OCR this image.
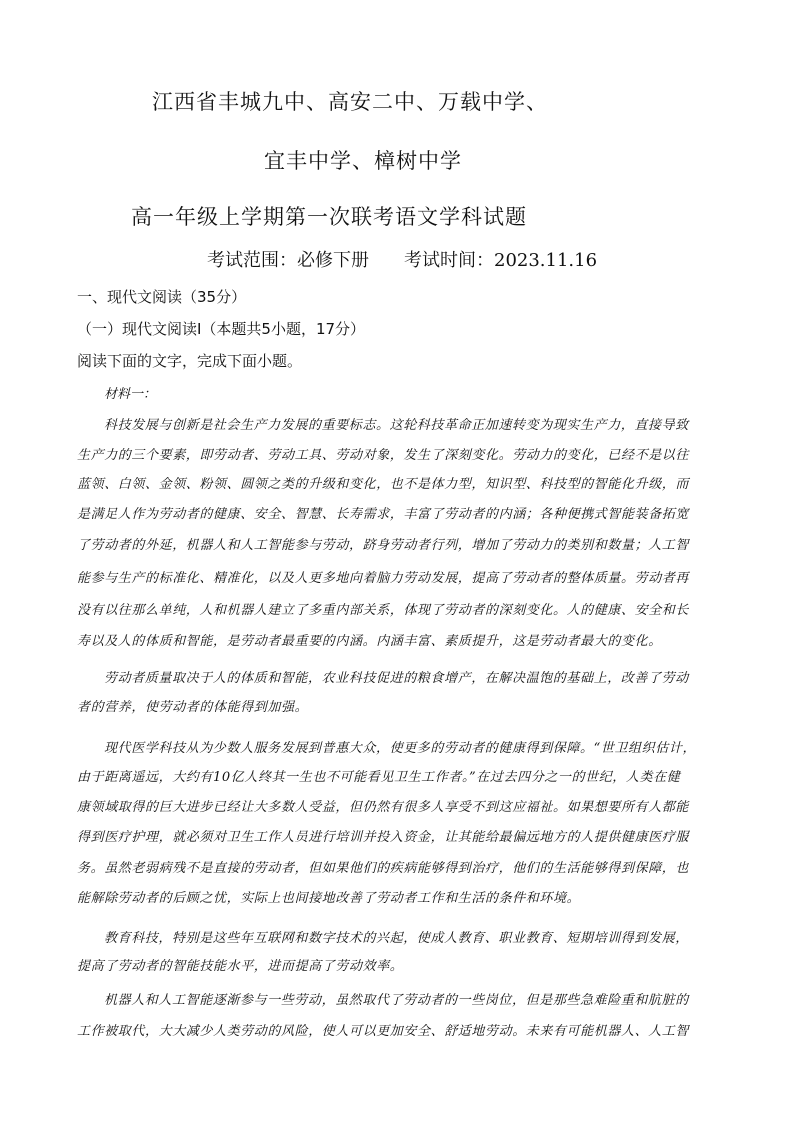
江西省丰城九中、高安二中、万载中学、
宜丰中学、樟树中学
高一年级上学期第一次联考语文学科试题
考试范围：必修下册 考试时间：2023.11.16
一、现代文阅读（35分）
（一）现代文阅读Ⅰ（本题共5小题，17分）
阅读下面的文字，完成下面小题。
材料一：
科技发展与创新是社会生产力发展的重要标志。这轮科技革命正加速转变为现实生产力，直接导致
生产力的三个要素，即劳动者、劳动工具、劳动对象，发生了深刻变化。劳动力的变化，已经不是以往
蓝领、白领、金领、粉领、圆领之类的升级和变化，也不是体力型，知识型、科技型的智能化升级，而
是满足人作为劳动者的健康、安全、智慧、长寿需求，丰富了劳动者的内涵；各种便携式智能装备拓宽
了劳动者的外延，机器人和人工智能参与劳动，跻身劳动者行列，增加了劳动力的类别和数量；人工智
能参与生产的标准化、精准化，以及人更多地向着脑力劳动发展，提高了劳动者的整体质量。劳动者再
没有以往那么单纯，人和机器人建立了多重内部关系，体现了劳动者的深刻变化。人的健康、安全和长
寿以及人的体质和智能，是劳动者最重要的内涵。内涵丰富、素质提升，这是劳动者最大的变化。
劳动者质量取决于人的体质和智能，农业科技促进的粮食增产，在解决温饱的基础上，改善了劳动
者的营养，使劳动者的体能得到加强。
现代医学科技从为少数人服务发展到普惠大众，使更多的劳动者的健康得到保障。“世卫组织估计，
由于距离遥远，大约有10亿人终其一生也不可能看见卫生工作者。”在过去四分之一的世纪，人类在健
康领域取得的巨大进步已经让大多数人受益，但仍然有很多人享受不到这应福祉。如果想要所有人都能
得到医疗护理，就必须对卫生工作人员进行培训并投入资金，让其能给最偏远地方的人提供健康医疗服
务。虽然老弱病残不是直接的劳动者，但如果他们的疾病能够得到治疗，他们的生活能够得到保障，也
能解除劳动者的后顾之忧，实际上也间接地改善了劳动者工作和生活的条件和环境。
教育科技，特别是这些年互联网和数字技术的兴起，使成人教育、职业教育、短期培训得到发展，
提高了劳动者的智能技能水平，进而提高了劳动效率。
机器人和人工智能逐渐参与一些劳动，虽然取代了劳动者的一些岗位，但是那些急难险重和肮脏的
工作被取代，大大减少人类劳动的风险，使人可以更加安全、舒适地劳动。未来有可能机器人、人工智
